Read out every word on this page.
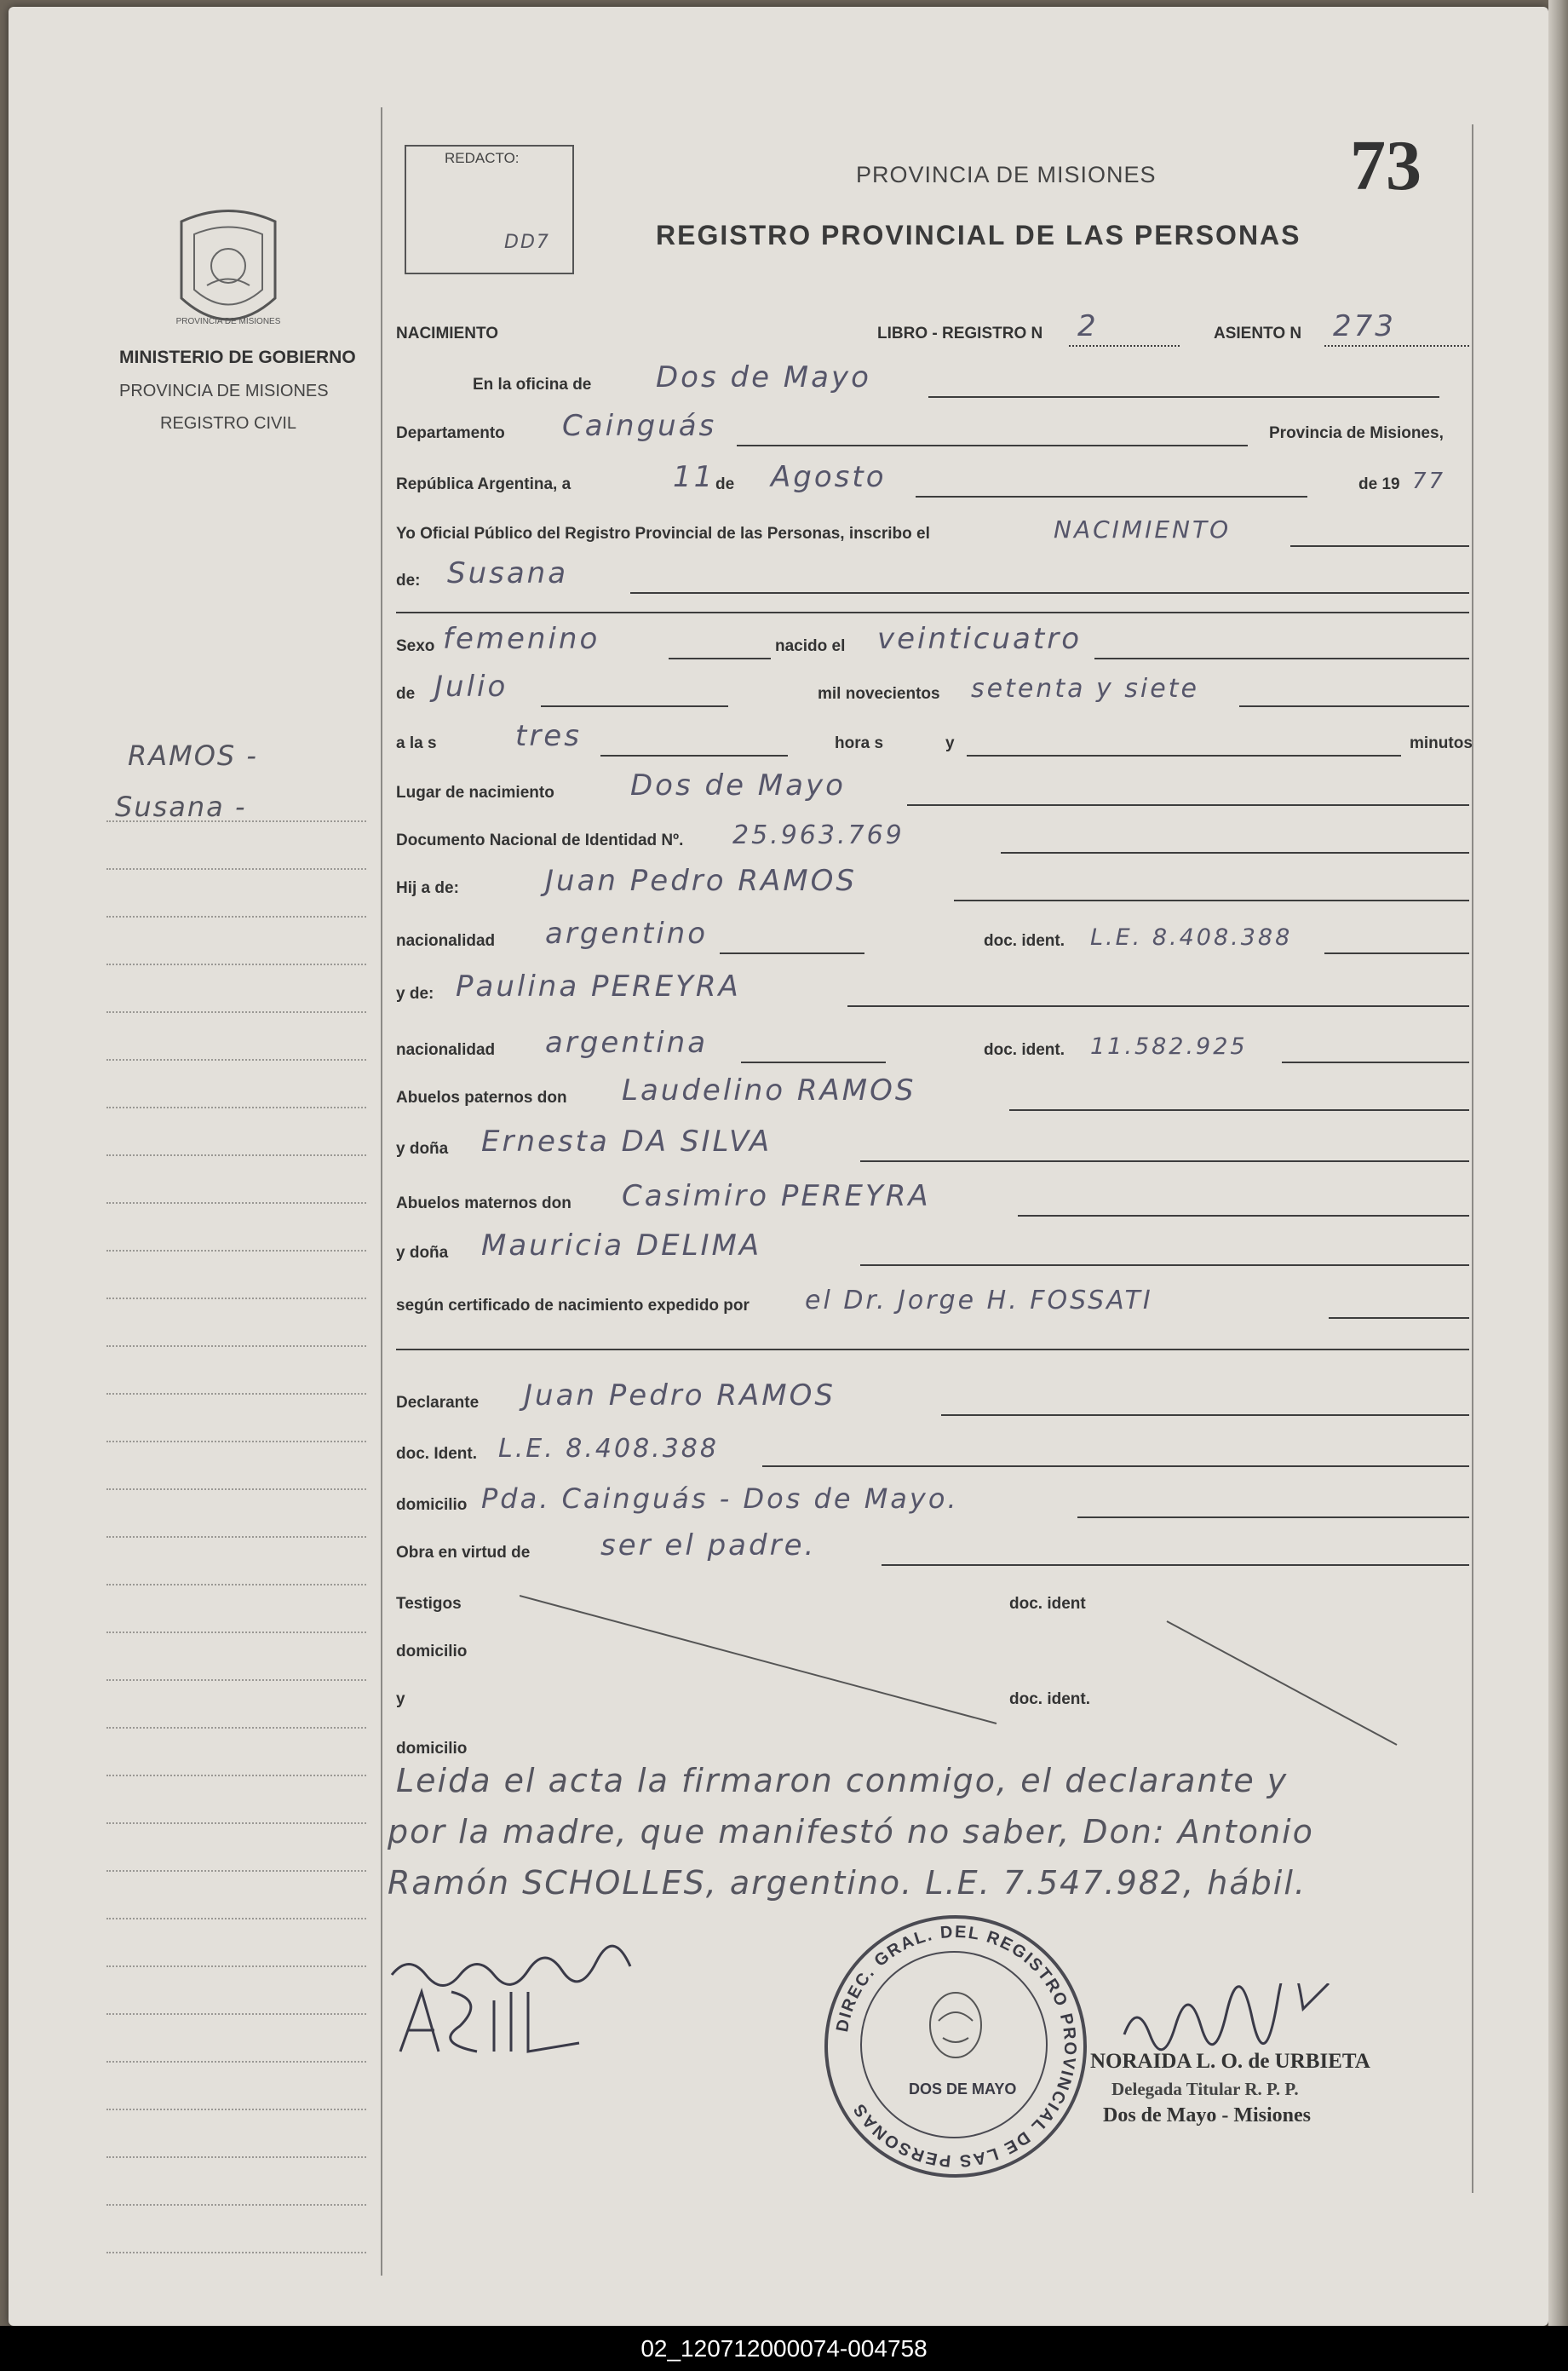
PROVINCIA DE MISIONES
MINISTERIO DE GOBIERNO
PROVINCIA DE MISIONES
REGISTRO CIVIL
REDACTO:
DD7
PROVINCIA DE MISIONES
REGISTRO PROVINCIAL DE LAS PERSONAS
73
RAMOS -
Susana -
NACIMIENTO	LIBRO - REGISTRO N 2	ASIENTO N 273
En la oficina de Dos de Mayo
Departamento Cainguás	Provincia de Misiones,
República Argentina, a	11 de Agosto	de 19 77
Yo Oficial Público del Registro Provincial de las Personas, inscribo el	NACIMIENTO
de: Susana
Sexo femenino	nacido el veinticuatro
de Julio	mil novecientos setenta y siete
a la s	tres	hora s	y	minutos
Lugar de nacimiento	Dos de Mayo
Documento Nacional de Identidad Nº. 25.963.769
Hij a de:	Juan Pedro RAMOS
nacionalidad argentino	doc. ident. L.E. 8.408.388
y de: Paulina PEREYRA
nacionalidad argentina	doc. ident. 11.582.925
Abuelos paternos don Laudelino RAMOS
y doña Ernesta DA SILVA
Abuelos maternos don Casimiro PEREYRA
y doña Mauricia DELIMA
según certificado de nacimiento expedido por el Dr. Jorge H. FOSSATI
Declarante Juan Pedro RAMOS
doc. Ident. L.E. 8.408.388
domicilio Pda. Cainguás - Dos de Mayo.
Obra en virtud de ser el padre.
Testigos	doc. ident
domicilio
y	doc. ident.
domicilio
Leida el acta la firmaron conmigo, el declarante y
por la madre, que manifestó no saber, Don: Antonio
Ramón SCHOLLES, argentino. L.E. 7.547.982, hábil.
DIREC. GRAL. DEL REGISTRO PROVINCIAL DE LAS PERSONAS
DOS DE MAYO
NORAIDA L. O. de URBIETA
Delegada Titular R. P. P.
Dos de Mayo - Misiones
02_120712000074-004758
